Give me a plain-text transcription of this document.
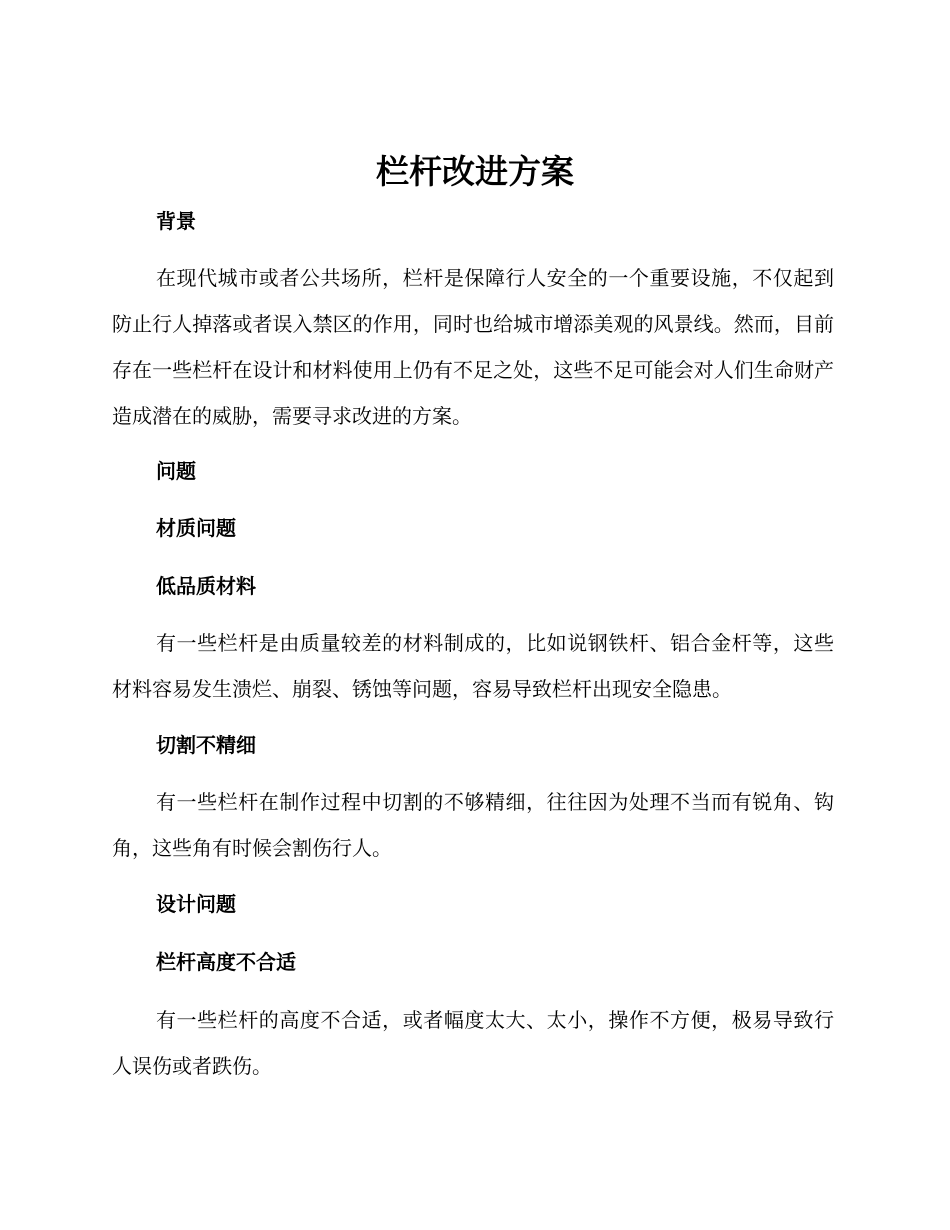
栏杆改进方案
背景

在现代城市或者公共场所，栏杆是保障行人安全的一个重要设施，不仅起到防止行人掉落或者误入禁区的作用，同时也给城市增添美观的风景线。然而，目前存在一些栏杆在设计和材料使用上仍有不足之处，这些不足可能会对人们生命财产造成潜在的威胁，需要寻求改进的方案。

问题
材质问题
低品质材料

有一些栏杆是由质量较差的材料制成的，比如说钢铁杆、铝合金杆等，这些材料容易发生溃烂、崩裂、锈蚀等问题，容易导致栏杆出现安全隐患。

切割不精细

有一些栏杆在制作过程中切割的不够精细，往往因为处理不当而有锐角、钩角，这些角有时候会割伤行人。

设计问题
栏杆高度不合适

有一些栏杆的高度不合适，或者幅度太大、太小，操作不方便，极易导致行人误伤或者跌伤。
